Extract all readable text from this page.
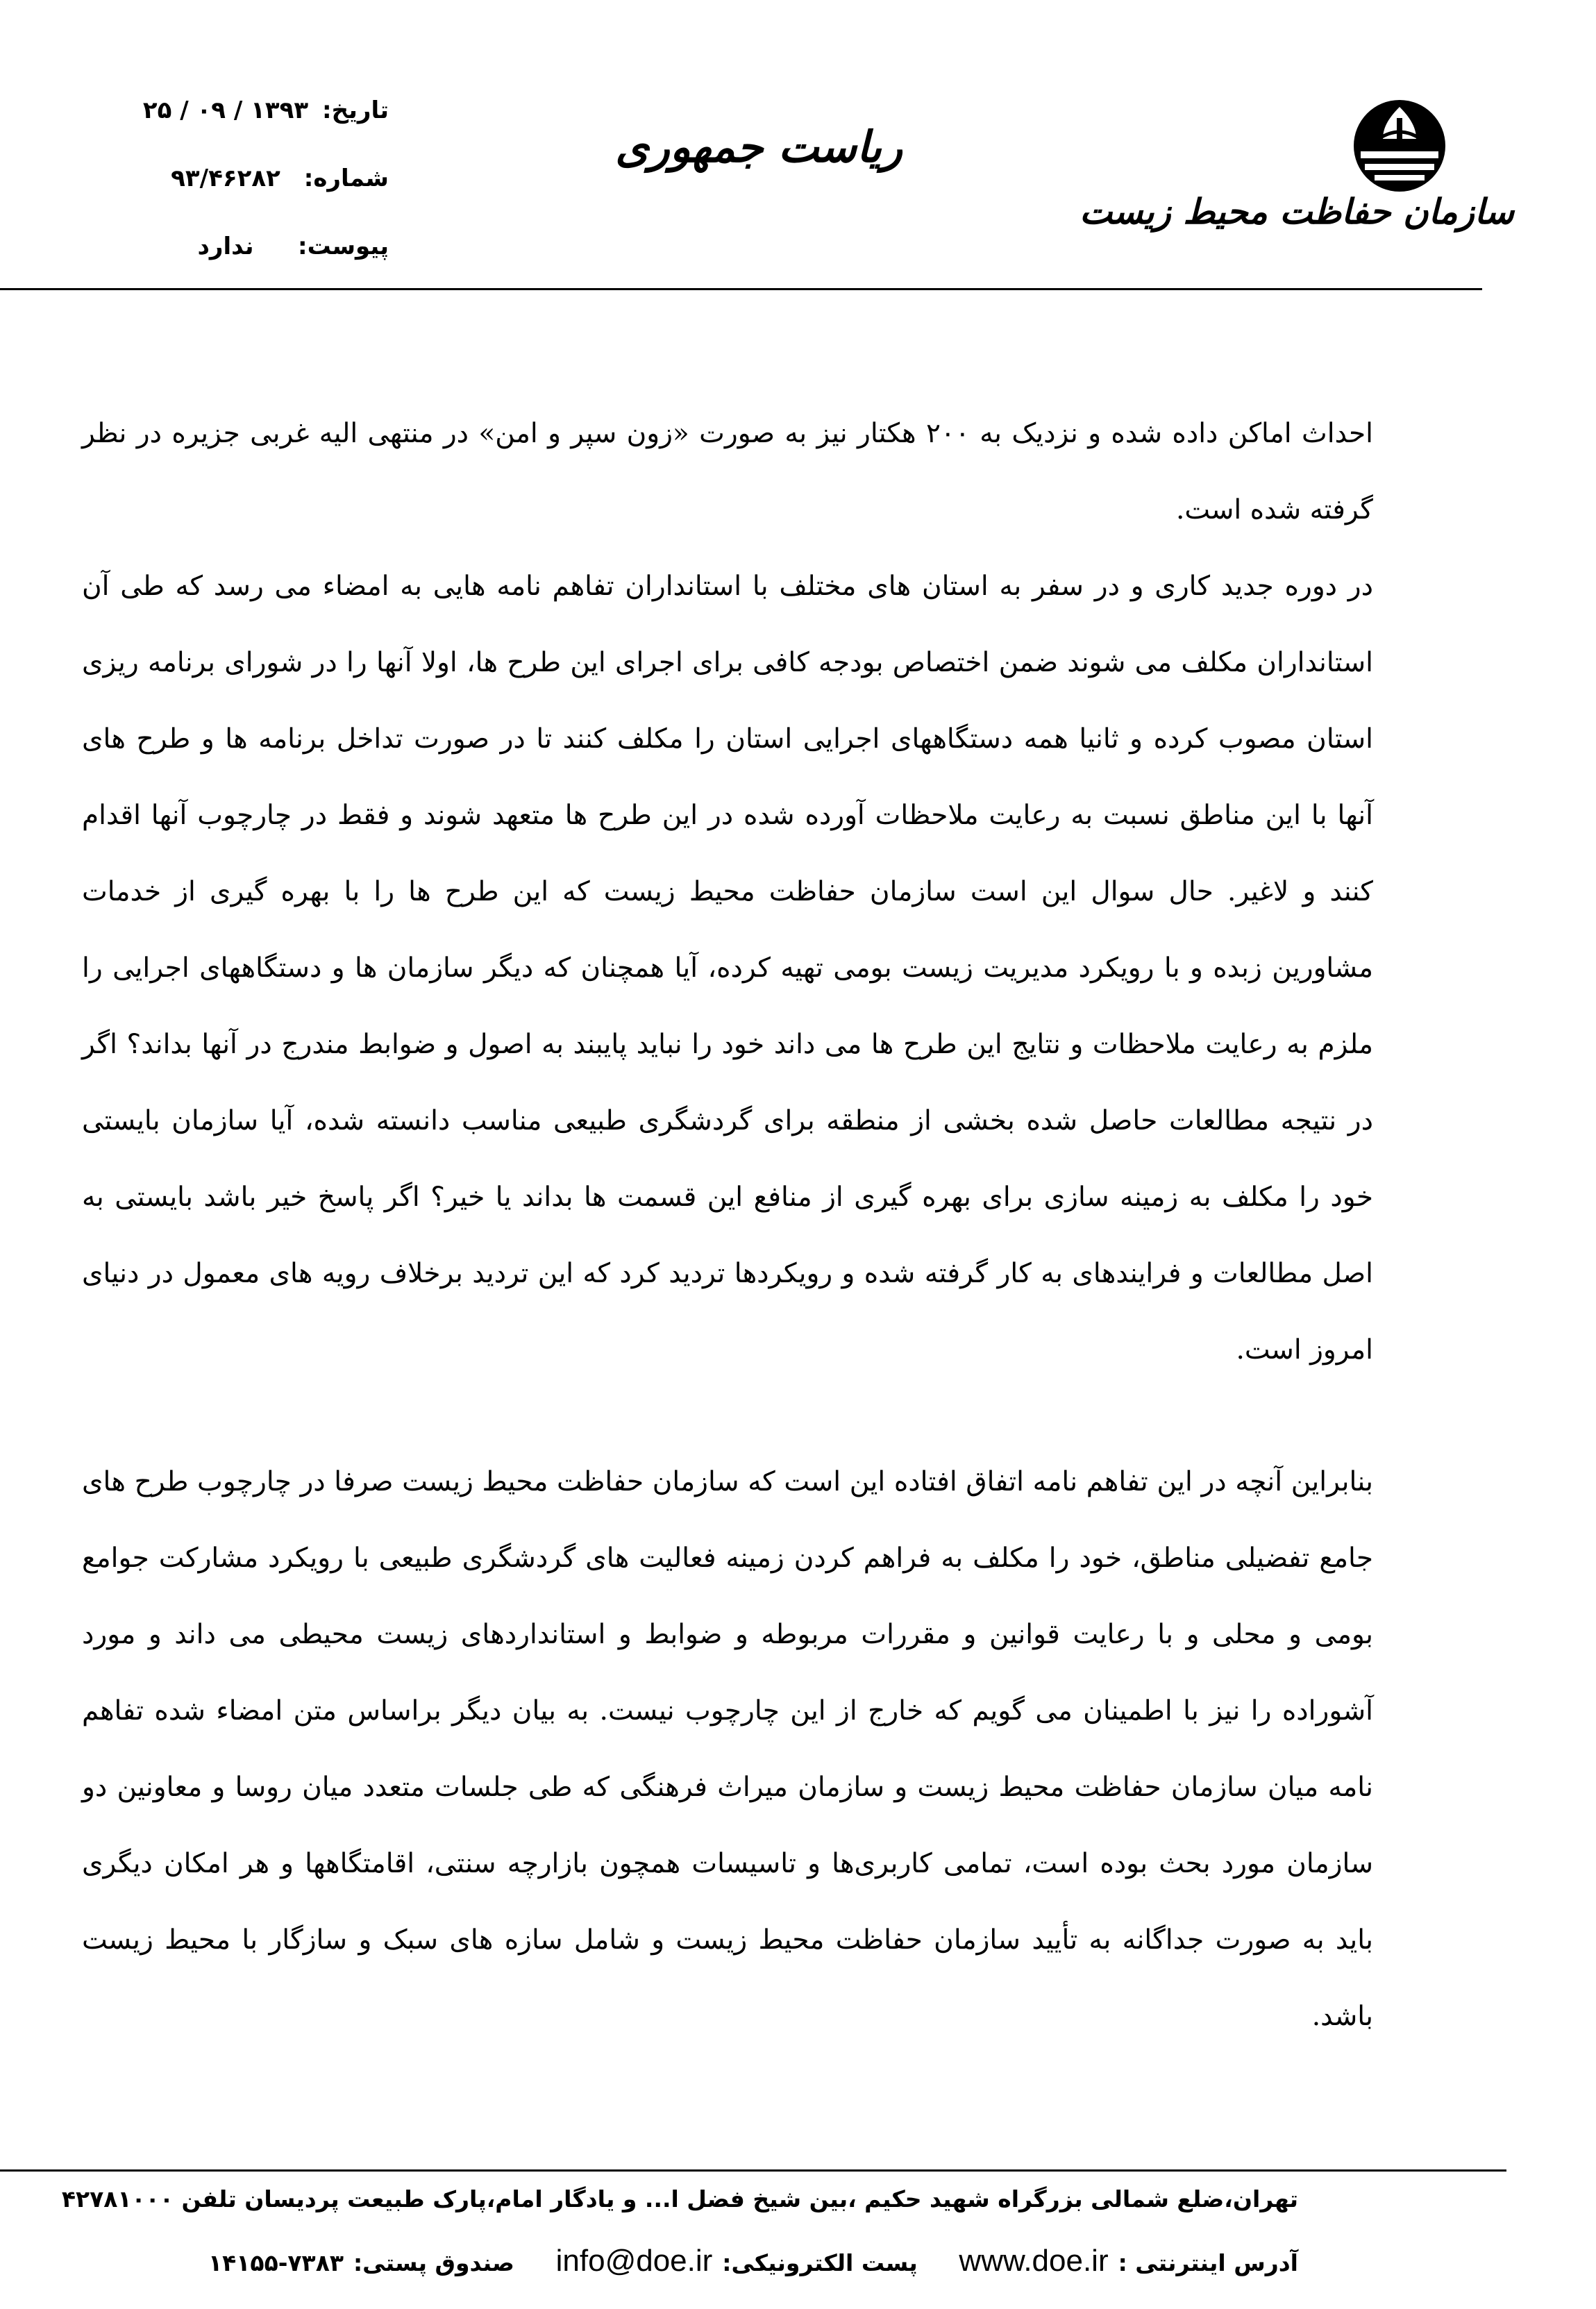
سازمان حفاظت محیط زیست
ریاست جمهوری
تاریخ:
۱۳۹۳ / ۰۹ / ۲۵
شماره:
۹۳/۴۶۲۸۲
پیوست:
ندارد

احداث اماکن داده شده و نزدیک به ۲۰۰ هکتار نیز به صورت «زون سپر و امن» در منتهی الیه غربی جزیره در نظر گرفته شده است.

در دوره جدید کاری و در سفر به استان های مختلف با استانداران تفاهم نامه هایی به امضاء می رسد که طی آن استانداران مکلف می شوند ضمن اختصاص بودجه کافی برای اجرای این طرح ها، اولا آنها را در شورای برنامه ریزی استان مصوب کرده و ثانیا همه دستگاههای اجرایی استان را مکلف کنند تا در صورت تداخل برنامه ها و طرح های آنها با این مناطق نسبت به رعایت ملاحظات آورده شده در این طرح ها متعهد شوند و فقط در چارچوب آنها اقدام کنند و لاغیر. حال سوال این است سازمان حفاظت محیط زیست که این طرح ها را با بهره گیری از خدمات مشاورین زبده و با رویکرد مدیریت زیست بومی تهیه کرده، آیا همچنان که دیگر سازمان ها و دستگاههای اجرایی را ملزم به رعایت ملاحظات و نتایج این طرح ها می داند خود را نباید پایبند به اصول و ضوابط مندرج در آنها بداند؟ اگر در نتیجه مطالعات حاصل شده بخشی از منطقه برای گردشگری طبیعی مناسب دانسته شده، آیا سازمان بایستی خود را مکلف به زمینه سازی برای بهره گیری از منافع این قسمت ها بداند یا خیر؟ اگر پاسخ خیر باشد بایستی به اصل مطالعات و فرایندهای به کار گرفته شده و رویکردها تردید کرد که این تردید برخلاف رویه های معمول در دنیای امروز است.

بنابراین آنچه در این تفاهم نامه اتفاق افتاده این است که سازمان حفاظت محیط زیست صرفا در چارچوب طرح های جامع تفضیلی مناطق، خود را مکلف به فراهم کردن زمینه فعالیت های گردشگری طبیعی با رویکرد مشارکت جوامع بومی و محلی و با رعایت قوانین و مقررات مربوطه و ضوابط و استانداردهای زیست محیطی می داند و مورد آشوراده را نیز با اطمینان می گویم که خارج از این چارچوب نیست. به بیان دیگر براساس متن امضاء شده تفاهم نامه میان سازمان حفاظت محیط زیست و سازمان میراث فرهنگی که طی جلسات متعدد میان روسا و معاونین دو سازمان مورد بحث بوده است، تمامی کاربری‌ها و تاسیسات همچون بازارچه سنتی، اقامتگاهها و هر امکان دیگری باید به صورت جداگانه به تأیید سازمان حفاظت محیط زیست و شامل سازه های سبک و سازگار با محیط زیست باشد.

تهران،ضلع شمالی بزرگراه شهید حکیم ،بین شیخ فضل ا... و یادگار امام،پارک طبیعت پردیسان تلفن ۴۲۷۸۱۰۰۰
آدرس اینترنتی :
www.doe.ir
پست الکترونیکی:
info@doe.ir
صندوق پستی:
۱۴۱۵۵-۷۳۸۳
